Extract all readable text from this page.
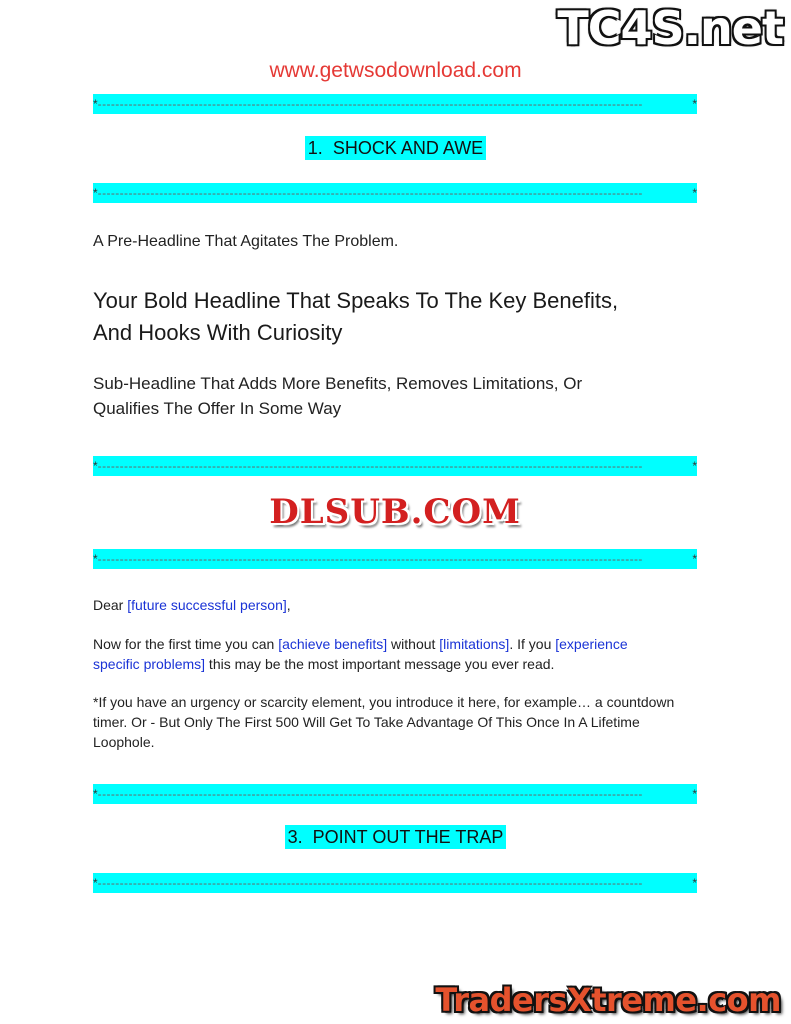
TC4S.net
www.getwsodownload.com
* ----------------------------------------------------------------------------------------------------------------------------	*
1. SHOCK AND AWE
* ----------------------------------------------------------------------------------------------------------------------------	*
A Pre-Headline That Agitates The Problem.
Your Bold Headline That Speaks To The Key Benefits,
And Hooks With Curiosity
Sub-Headline That Adds More Benefits, Removes Limitations, Or
Qualifies The Offer In Some Way
* ----------------------------------------------------------------------------------------------------------------------------	*
DLSUB.COM
* ----------------------------------------------------------------------------------------------------------------------------	*
Dear [future successful person],
Now for the first time you can [achieve benefits] without [limitations]. If you [experience
specific problems] this may be the most important message you ever read.
*If you have an urgency or scarcity element, you introduce it here, for example… a countdown
timer. Or - But Only The First 500 Will Get To Take Advantage Of This Once In A Lifetime
Loophole.
* ----------------------------------------------------------------------------------------------------------------------------	*
3. POINT OUT THE TRAP
* ----------------------------------------------------------------------------------------------------------------------------	*
TradersXtreme.com
